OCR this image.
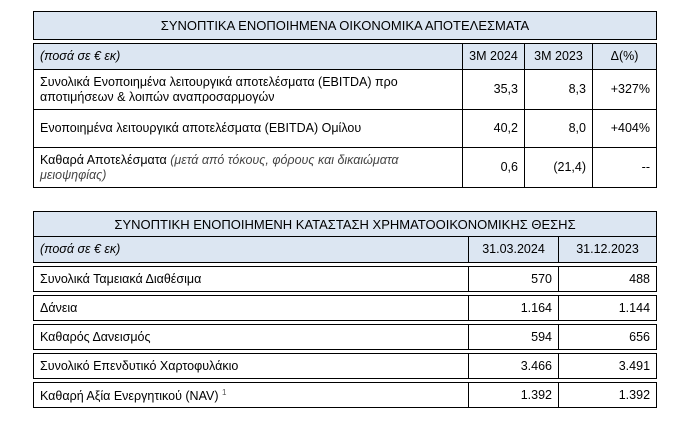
ΣΥΝΟΠΤΙΚΑ ΕΝΟΠΟΙΗΜΕΝΑ ΟΙΚΟΝΟΜΙΚΑ ΑΠΟΤΕΛΕΣΜΑΤΑ			

(ποσά σε € εκ)	3M 2024	3M 2023	Δ(%)
Συνολικά Ενοποιημένα λειτουργικά αποτελέσματα (EBITDA) προ αποτιμήσεων & λοιπών αναπροσαρμογών	35,3	8,3	+327%
Ενοποιημένα λειτουργικά αποτελέσματα (EBITDA) Ομίλου	40,2	8,0	+404%
Καθαρά Αποτελέσματα (μετά από τόκους, φόρους και δικαιώματα μειοψηφίας)	0,6	(21,4)	--
ΣΥΝΟΠΤΙΚΗ ΕΝΟΠΟΙΗΜΕΝΗ ΚΑΤΑΣΤΑΣΗ ΧΡΗΜΑΤΟΟΙΚΟΝΟΜΙΚΗΣ ΘΕΣΗΣ		
(ποσά σε € εκ)	31.03.2024	31.12.2023

Συνολικά Ταμειακά Διαθέσιμα	570	488

Δάνεια	1.164	1.144

Καθαρός Δανεισμός	594	656

Συνολικό Επενδυτικό Χαρτοφυλάκιο	3.466	3.491

Καθαρή Αξία Ενεργητικού (NAV) $^1$	1.392	1.392
